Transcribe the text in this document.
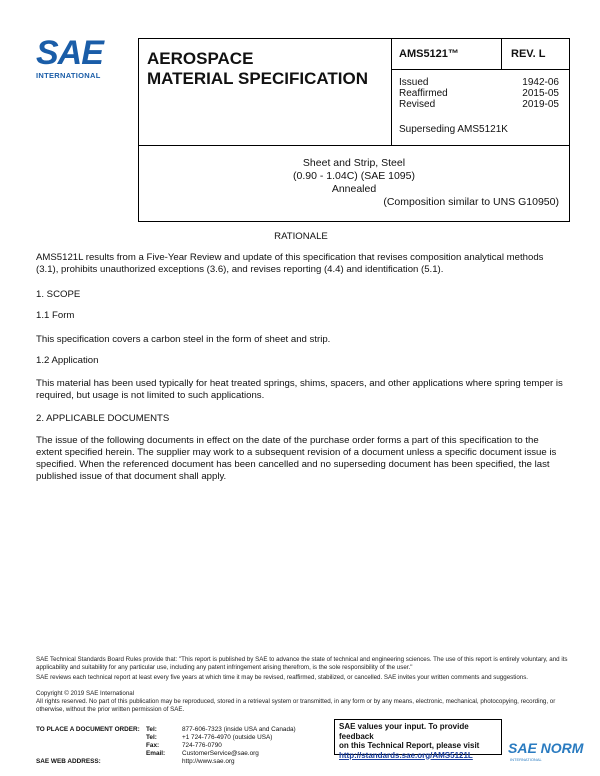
SAE
INTERNATIONAL
AEROSPACE
MATERIAL SPECIFICATION
AMS5121™	REV. L
Issued	1942-06
Reaffirmed	2015-05
Revised	2019-05
Superseding AMS5121K
Sheet and Strip, Steel
(0.90 - 1.04C) (SAE 1095)
Annealed
(Composition similar to UNS G10950)
RATIONALE
AMS5121L results from a Five-Year Review and update of this specification that revises composition analytical methods (3.1), prohibits unauthorized exceptions (3.6), and revises reporting (4.4) and identification (5.1).
1. SCOPE
1.1 Form
This specification covers a carbon steel in the form of sheet and strip.
1.2 Application
This material has been used typically for heat treated springs, shims, spacers, and other applications where spring temper is required, but usage is not limited to such applications.
2. APPLICABLE DOCUMENTS
The issue of the following documents in effect on the date of the purchase order forms a part of this specification to the extent specified herein. The supplier may work to a subsequent revision of a document unless a specific document issue is specified. When the referenced document has been cancelled and no superseding document has been specified, the last published issue of that document shall apply.
SAE Technical Standards Board Rules provide that: "This report is published by SAE to advance the state of technical and engineering sciences. The use of this report is entirely voluntary, and its applicability and suitability for any particular use, including any patent infringement arising therefrom, is the sole responsibility of the user."
SAE reviews each technical report at least every five years at which time it may be revised, reaffirmed, stabilized, or cancelled. SAE invites your written comments and suggestions.
Copyright © 2019 SAE International
All rights reserved. No part of this publication may be reproduced, stored in a retrieval system or transmitted, in any form or by any means, electronic, mechanical, photocopying, recording, or otherwise, without the prior written permission of SAE.
TO PLACE A DOCUMENT ORDER: Tel:	877-606-7323 (inside USA and Canada)
Tel:	+1 724-776-4970 (outside USA)
Fax:	724-776-0790
Email:	CustomerService@sae.org
SAE WEB ADDRESS:	http://www.sae.org
SAE values your input. To provide feedback
on this Technical Report, please visit
http://standards.sae.org/AMS5121L	SAE NORM
INTERNATIONAL
